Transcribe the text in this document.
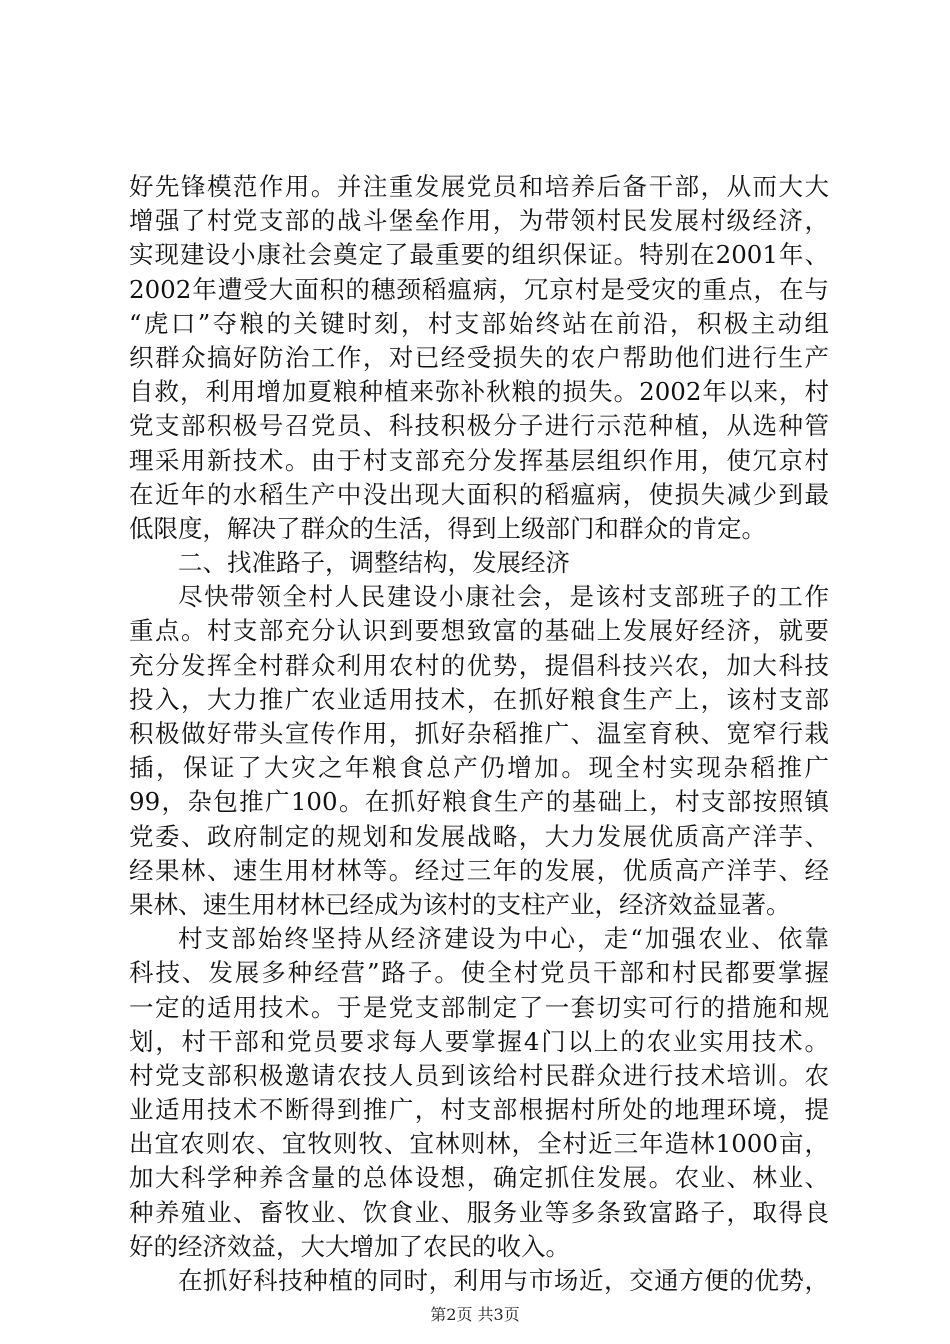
好先锋模范作用。并注重发展党员和培养后备干部，从而大大
增强了村党支部的战斗堡垒作用，为带领村民发展村级经济，
实现建设小康社会奠定了最重要的组织保证。特别在2001年、
2002年遭受大面积的穗颈稻瘟病，冗京村是受灾的重点，在与
“虎口”夺粮的关键时刻，村支部始终站在前沿，积极主动组
织群众搞好防治工作，对已经受损失的农户帮助他们进行生产
自救，利用增加夏粮种植来弥补秋粮的损失。2002年以来，村
党支部积极号召党员、科技积极分子进行示范种植，从选种管
理采用新技术。由于村支部充分发挥基层组织作用，使冗京村
在近年的水稻生产中没出现大面积的稻瘟病，使损失减少到最
低限度，解决了群众的生活，得到上级部门和群众的肯定。
二、找准路子，调整结构，发展经济
尽快带领全村人民建设小康社会，是该村支部班子的工作
重点。村支部充分认识到要想致富的基础上发展好经济，就要
充分发挥全村群众利用农村的优势，提倡科技兴农，加大科技
投入，大力推广农业适用技术，在抓好粮食生产上，该村支部
积极做好带头宣传作用，抓好杂稻推广、温室育秧、宽窄行栽
插，保证了大灾之年粮食总产仍增加。现全村实现杂稻推广
99，杂包推广100。在抓好粮食生产的基础上，村支部按照镇
党委、政府制定的规划和发展战略，大力发展优质高产洋芋、
经果林、速生用材林等。经过三年的发展，优质高产洋芋、经
果林、速生用材林已经成为该村的支柱产业，经济效益显著。
村支部始终坚持从经济建设为中心，走“加强农业、依靠
科技、发展多种经营”路子。使全村党员干部和村民都要掌握
一定的适用技术。于是党支部制定了一套切实可行的措施和规
划，村干部和党员要求每人要掌握4门以上的农业实用技术。
村党支部积极邀请农技人员到该给村民群众进行技术培训。农
业适用技术不断得到推广，村支部根据村所处的地理环境，提
出宜农则农、宜牧则牧、宜林则林，全村近三年造林1000亩，
加大科学种养含量的总体设想，确定抓住发展。农业、林业、
种养殖业、畜牧业、饮食业、服务业等多条致富路子，取得良
好的经济效益，大大增加了农民的收入。
在抓好科技种植的同时，利用与市场近，交通方便的优势，
第2页 共3页
